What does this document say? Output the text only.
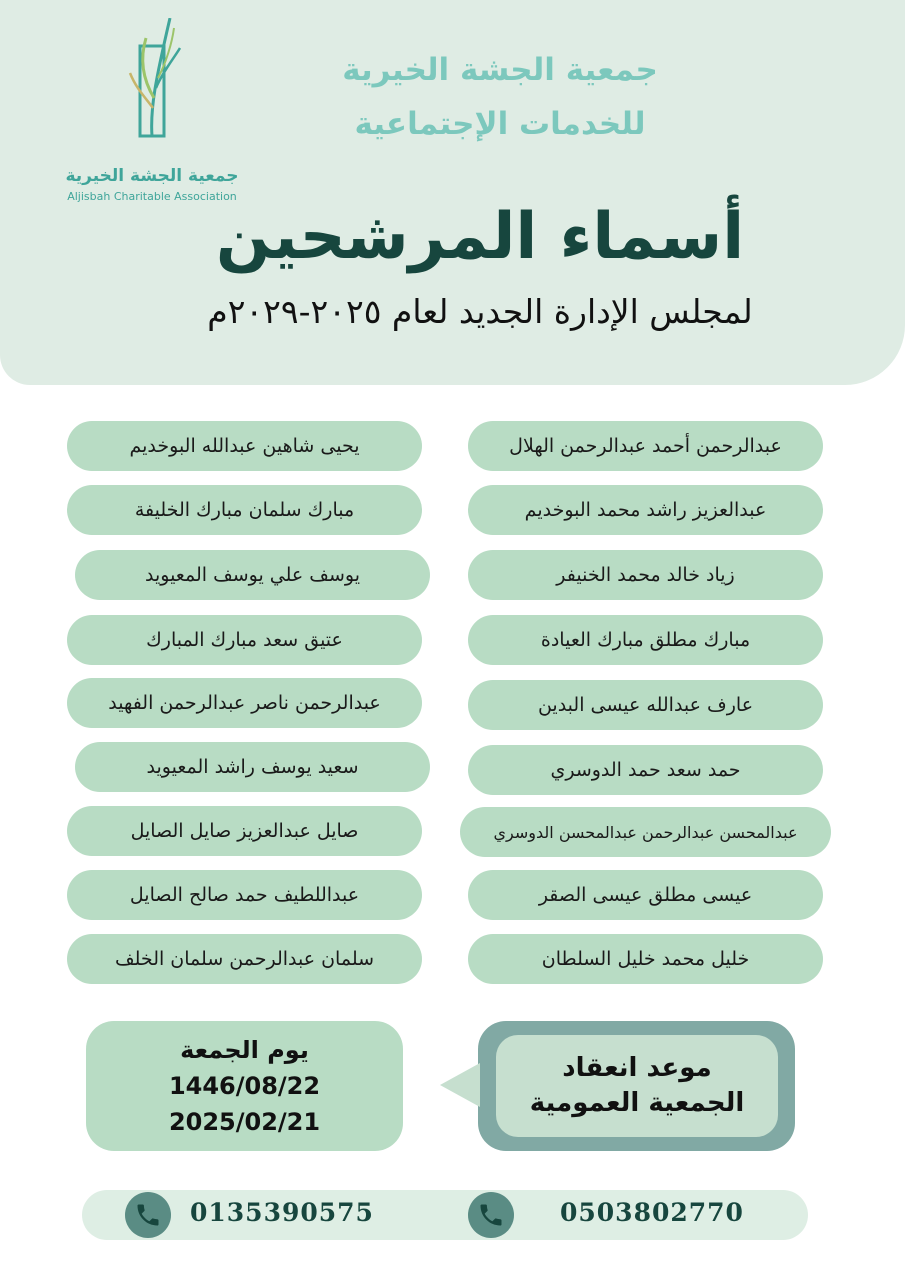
جمعية الجشة الخيرية
Aljisbah Charitable Association
جمعية الجشة الخيرية
للخدمات الإجتماعية
أسماء المرشحين
لمجلس الإدارة الجديد لعام ٢٠٢٥-٢٠٢٩م
عبدالرحمن أحمد عبدالرحمن الهلال
عبدالعزيز راشد محمد البوخديم
زياد خالد محمد الخنيفر
مبارك مطلق مبارك العيادة
عارف عبدالله عيسى البدين
حمد سعد حمد الدوسري
عبدالمحسن عبدالرحمن عبدالمحسن الدوسري
عيسى مطلق عيسى الصقر
خليل محمد خليل السلطان
يحيى شاهين عبدالله البوخديم
مبارك سلمان مبارك الخليفة
يوسف علي يوسف المعيويد
عتيق سعد مبارك المبارك
عبدالرحمن ناصر عبدالرحمن الفهيد
سعيد يوسف راشد المعيويد
صايل عبدالعزيز صايل الصايل
عبداللطيف حمد صالح الصايل
سلمان عبدالرحمن سلمان الخلف
موعد انعقاد
الجمعية العمومية
يوم الجمعة
1446/08/22
2025/02/21
0503802770
0135390575
